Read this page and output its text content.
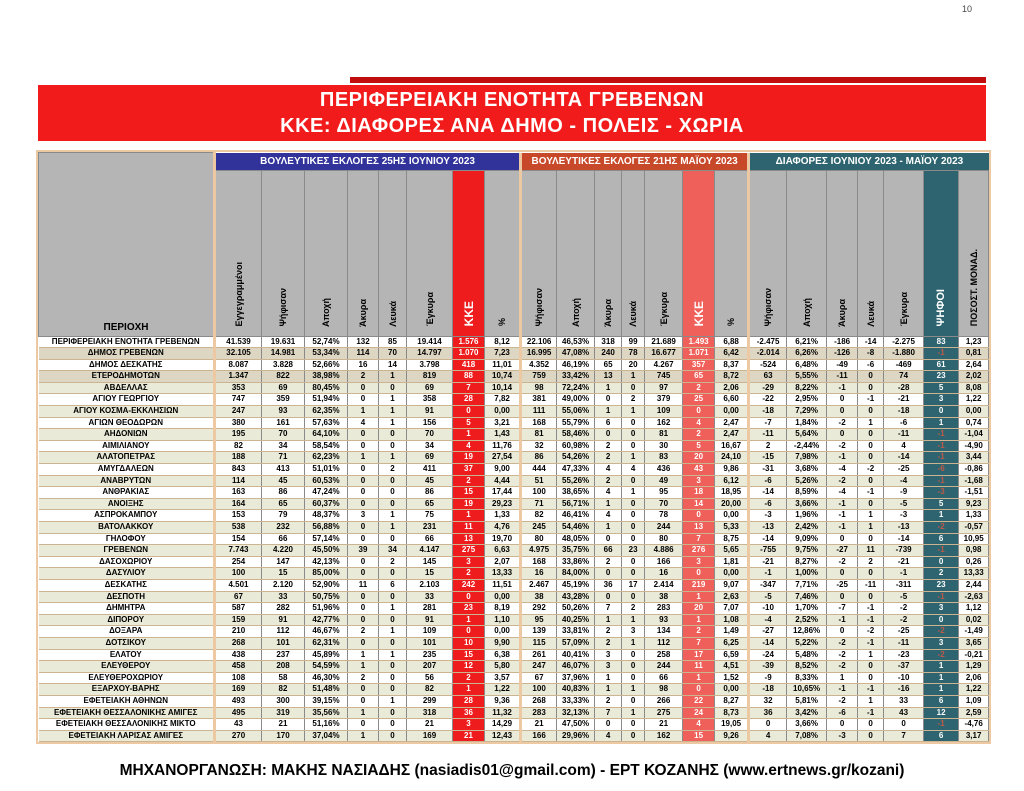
10
ΠΕΡΙΦΕΡΕΙΑΚΗ ΕΝΟΤΗΤΑ ΓΡΕΒΕΝΩΝ
ΚΚΕ: ΔΙΑΦΟΡΕΣ ΑΝΑ ΔΗΜΟ - ΠΟΛΕΙΣ - ΧΩΡΙΑ
ΠΕΡΙΟΧΗ	ΒΟΥΛΕΥΤΙΚΕΣ ΕΚΛΟΓΕΣ 25ΗΣ ΙΟΥΝΙΟΥ 2023								ΒΟΥΛΕΥΤΙΚΕΣ ΕΚΛΟΓΕΣ 21ΗΣ ΜΑΪΟΥ 2023							ΔΙΑΦΟΡΕΣ ΙΟΥΝΙΟΥ 2023 - ΜΑΪΟΥ 2023						
	Εγγεγραμμένοι	Ψήφισαν	Αποχή	Άκυρα	Λευκά	Έγκυρα	ΚΚΕ	%	Ψήφισαν	Αποχή	Άκυρα	Λευκά	Έγκυρα	ΚΚΕ	%	Ψήφισαν	Αποχή	Άκυρα	Λευκά	Έγκυρα	ΨΗΦΟΙ	ΠΟΣΟΣΤ. ΜΟΝΑΔ.
ΠΕΡΙΦΕΡΕΙΑΚΗ ΕΝΟΤΗΤΑ ΓΡΕΒΕΝΩΝ	41.539	19.631	52,74%	132	85	19.414	1.576	8,12	22.106	46,53%	318	99	21.689	1.493	6,88	-2.475	6,21%	-186	-14	-2.275	83	1,23
ΔΗΜΟΣ ΓΡΕΒΕΝΩΝ	32.105	14.981	53,34%	114	70	14.797	1.070	7,23	16.995	47,08%	240	78	16.677	1.071	6,42	-2.014	6,26%	-126	-8	-1.880	-1	0,81
ΔΗΜΟΣ ΔΕΣΚΑΤΗΣ	8.087	3.828	52,66%	16	14	3.798	418	11,01	4.352	46,19%	65	20	4.267	357	8,37	-524	6,48%	-49	-6	-469	61	2,64
ΕΤΕΡΟΔΗΜΟΤΩΝ	1.347	822	38,98%	2	1	819	88	10,74	759	33,42%	13	1	745	65	8,72	63	5,55%	-11	0	74	23	2,02
ΑΒΔΕΛΛΑΣ	353	69	80,45%	0	0	69	7	10,14	98	72,24%	1	0	97	2	2,06	-29	8,22%	-1	0	-28	5	8,08
ΑΓΙΟΥ ΓΕΩΡΓΙΟΥ	747	359	51,94%	0	1	358	28	7,82	381	49,00%	0	2	379	25	6,60	-22	2,95%	0	-1	-21	3	1,22
ΑΓΙΟΥ ΚΟΣΜΑ-ΕΚΚΛΗΣΙΩΝ	247	93	62,35%	1	1	91	0	0,00	111	55,06%	1	1	109	0	0,00	-18	7,29%	0	0	-18	0	0,00
ΑΓΙΩΝ ΘΕΟΔΩΡΩΝ	380	161	57,63%	4	1	156	5	3,21	168	55,79%	6	0	162	4	2,47	-7	1,84%	-2	1	-6	1	0,74
ΑΗΔΟΝΙΩΝ	195	70	64,10%	0	0	70	1	1,43	81	58,46%	0	0	81	2	2,47	-11	5,64%	0	0	-11	-1	-1,04
ΑΙΜΙΛΙΑΝΟΥ	82	34	58,54%	0	0	34	4	11,76	32	60,98%	2	0	30	5	16,67	2	-2,44%	-2	0	4	-1	-4,90
ΑΛΑΤΟΠΕΤΡΑΣ	188	71	62,23%	1	1	69	19	27,54	86	54,26%	2	1	83	20	24,10	-15	7,98%	-1	0	-14	-1	3,44
ΑΜΥΓΔΑΛΕΩΝ	843	413	51,01%	0	2	411	37	9,00	444	47,33%	4	4	436	43	9,86	-31	3,68%	-4	-2	-25	-6	-0,86
ΑΝΑΒΡΥΤΩΝ	114	45	60,53%	0	0	45	2	4,44	51	55,26%	2	0	49	3	6,12	-6	5,26%	-2	0	-4	-1	-1,68
ΑΝΘΡΑΚΙΑΣ	163	86	47,24%	0	0	86	15	17,44	100	38,65%	4	1	95	18	18,95	-14	8,59%	-4	-1	-9	-3	-1,51
ΑΝΟΙΞΗΣ	164	65	60,37%	0	0	65	19	29,23	71	56,71%	1	0	70	14	20,00	-6	3,66%	-1	0	-5	5	9,23
ΑΣΠΡΟΚΑΜΠΟΥ	153	79	48,37%	3	1	75	1	1,33	82	46,41%	4	0	78	0	0,00	-3	1,96%	-1	1	-3	1	1,33
ΒΑΤΟΛΑΚΚΟΥ	538	232	56,88%	0	1	231	11	4,76	245	54,46%	1	0	244	13	5,33	-13	2,42%	-1	1	-13	-2	-0,57
ΓΗΛΟΦΟΥ	154	66	57,14%	0	0	66	13	19,70	80	48,05%	0	0	80	7	8,75	-14	9,09%	0	0	-14	6	10,95
ΓΡΕΒΕΝΩΝ	7.743	4.220	45,50%	39	34	4.147	275	6,63	4.975	35,75%	66	23	4.886	276	5,65	-755	9,75%	-27	11	-739	-1	0,98
ΔΑΣΟΧΩΡΙΟΥ	254	147	42,13%	0	2	145	3	2,07	168	33,86%	2	0	166	3	1,81	-21	8,27%	-2	2	-21	0	0,26
ΔΑΣΥΛΙΟΥ	100	15	85,00%	0	0	15	2	13,33	16	84,00%	0	0	16	0	0,00	-1	1,00%	0	0	-1	2	13,33
ΔΕΣΚΑΤΗΣ	4.501	2.120	52,90%	11	6	2.103	242	11,51	2.467	45,19%	36	17	2.414	219	9,07	-347	7,71%	-25	-11	-311	23	2,44
ΔΕΣΠΟΤΗ	67	33	50,75%	0	0	33	0	0,00	38	43,28%	0	0	38	1	2,63	-5	7,46%	0	0	-5	-1	-2,63
ΔΗΜΗΤΡΑ	587	282	51,96%	0	1	281	23	8,19	292	50,26%	7	2	283	20	7,07	-10	1,70%	-7	-1	-2	3	1,12
ΔΙΠΟΡΟΥ	159	91	42,77%	0	0	91	1	1,10	95	40,25%	1	1	93	1	1,08	-4	2,52%	-1	-1	-2	0	0,02
ΔΟΞΑΡΑ	210	112	46,67%	2	1	109	0	0,00	139	33,81%	2	3	134	2	1,49	-27	12,86%	0	-2	-25	-2	-1,49
ΔΟΤΣΙΚΟΥ	268	101	62,31%	0	0	101	10	9,90	115	57,09%	2	1	112	7	6,25	-14	5,22%	-2	-1	-11	3	3,65
ΕΛΑΤΟΥ	438	237	45,89%	1	1	235	15	6,38	261	40,41%	3	0	258	17	6,59	-24	5,48%	-2	1	-23	-2	-0,21
ΕΛΕΥΘΕΡΟΥ	458	208	54,59%	1	0	207	12	5,80	247	46,07%	3	0	244	11	4,51	-39	8,52%	-2	0	-37	1	1,29
ΕΛΕΥΘΕΡΟΧΩΡΙΟΥ	108	58	46,30%	2	0	56	2	3,57	67	37,96%	1	0	66	1	1,52	-9	8,33%	1	0	-10	1	2,06
ΕΞΑΡΧΟΥ-ΒΑΡΗΣ	169	82	51,48%	0	0	82	1	1,22	100	40,83%	1	1	98	0	0,00	-18	10,65%	-1	-1	-16	1	1,22
ΕΦΕΤΕΙΑΚΗ ΑΘΗΝΩΝ	493	300	39,15%	0	1	299	28	9,36	268	33,33%	2	0	266	22	8,27	32	5,81%	-2	1	33	6	1,09
ΕΦΕΤΕΙΑΚΗ ΘΕΣΣΑΛΟΝΙΚΗΣ ΑΜΙΓΕΣ	495	319	35,56%	1	0	318	36	11,32	283	32,13%	7	1	275	24	8,73	36	3,42%	-6	-1	43	12	2,59
ΕΦΕΤΕΙΑΚΗ ΘΕΣΣΑΛΟΝΙΚΗΣ ΜΙΚΤΟ	43	21	51,16%	0	0	21	3	14,29	21	47,50%	0	0	21	4	19,05	0	3,66%	0	0	0	-1	-4,76
ΕΦΕΤΕΙΑΚΗ ΛΑΡΙΣΑΣ ΑΜΙΓΕΣ	270	170	37,04%	1	0	169	21	12,43	166	29,96%	4	0	162	15	9,26	4	7,08%	-3	0	7	6	3,17
ΜΗΧΑΝΟΡΓΑΝΩΣΗ: ΜΑΚΗΣ ΝΑΣΙΑΔΗΣ (nasiadis01@gmail.com) - ΕΡΤ ΚΟΖΑΝΗΣ (www.ertnews.gr/kozani)
